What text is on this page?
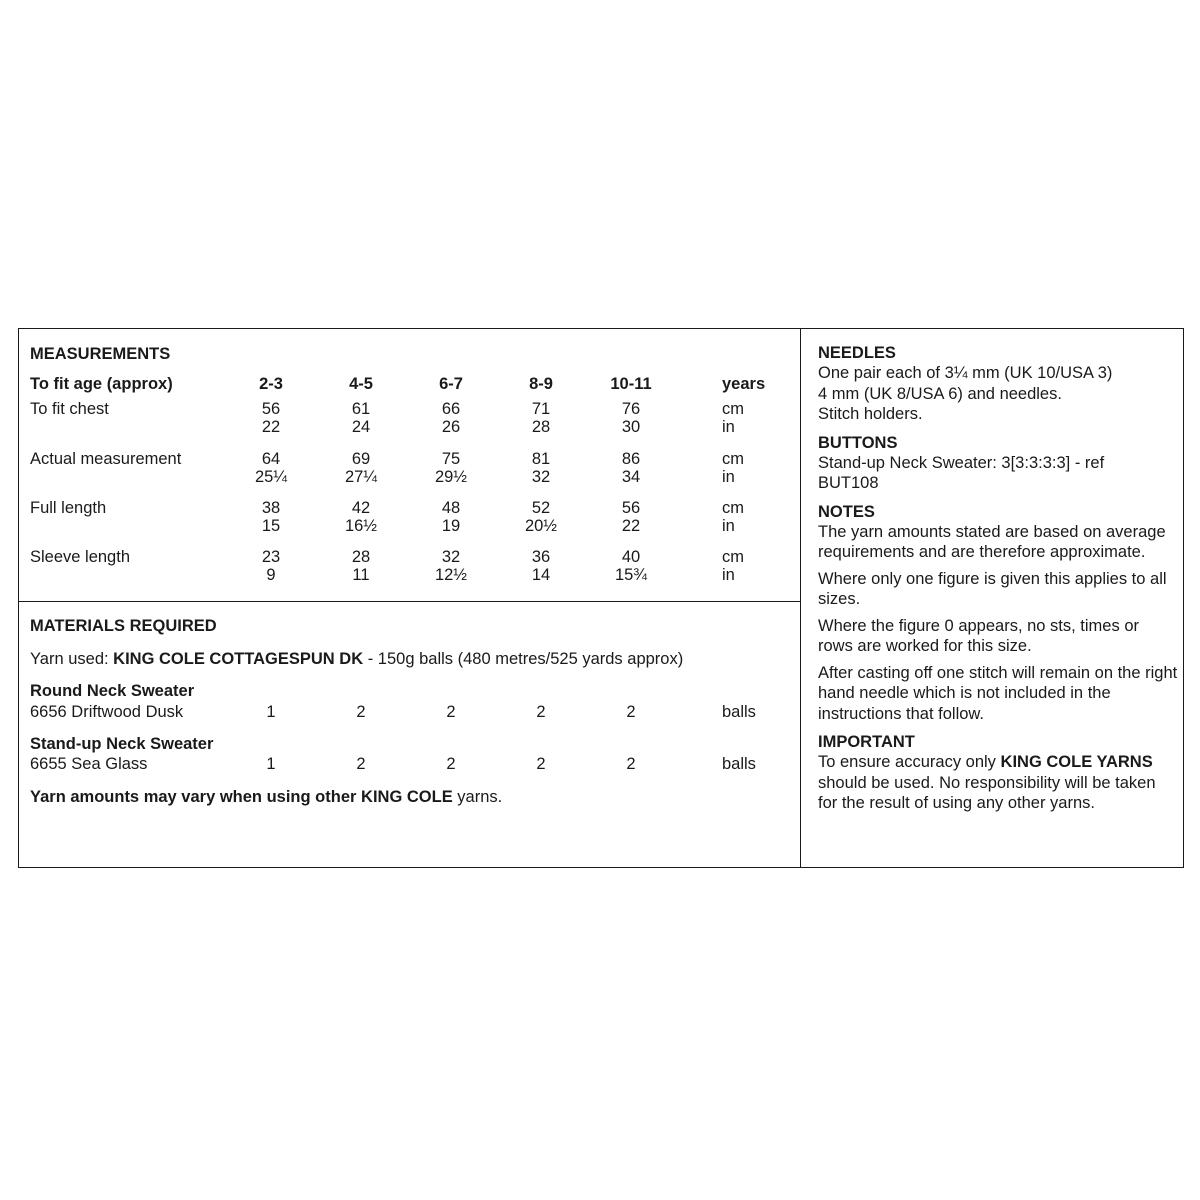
MEASUREMENTS
To fit age (approx)	2-3	4-5	6-7	8-9	10-11	years
To fit chest	56	61	66	71	76	cm
22	24	26	28	30	in
Actual measurement	64	69	75	81	86	cm
25¼	27¼	29½	32	34	in
Full length	38	42	48	52	56	cm
15	16½	19	20½	22	in
Sleeve length	23	28	32	36	40	cm
9	11	12½	14	15¾	in
MATERIALS REQUIRED
Yarn used: KING COLE COTTAGESPUN DK - 150g balls (480 metres/525 yards approx)
Round Neck Sweater
6656 Driftwood Dusk	1	2	2	2	2	balls
Stand-up Neck Sweater
6655 Sea Glass	1	2	2	2	2	balls
Yarn amounts may vary when using other KING COLE yarns.
NEEDLES
One pair each of 3¼ mm (UK 10/USA 3)
4 mm (UK 8/USA 6) and needles.
Stitch holders.
BUTTONS
Stand-up Neck Sweater: 3[3:3:3:3] - ref
BUT108
NOTES

The yarn amounts stated are based on average requirements and are therefore approximate.

Where only one figure is given this applies to all sizes.

Where the figure 0 appears, no sts, times or rows are worked for this size.

After casting off one stitch will remain on the right hand needle which is not included in the instructions that follow.

IMPORTANT

To ensure accuracy only KING COLE YARNS should be used. No responsibility will be taken for the result of using any other yarns.
